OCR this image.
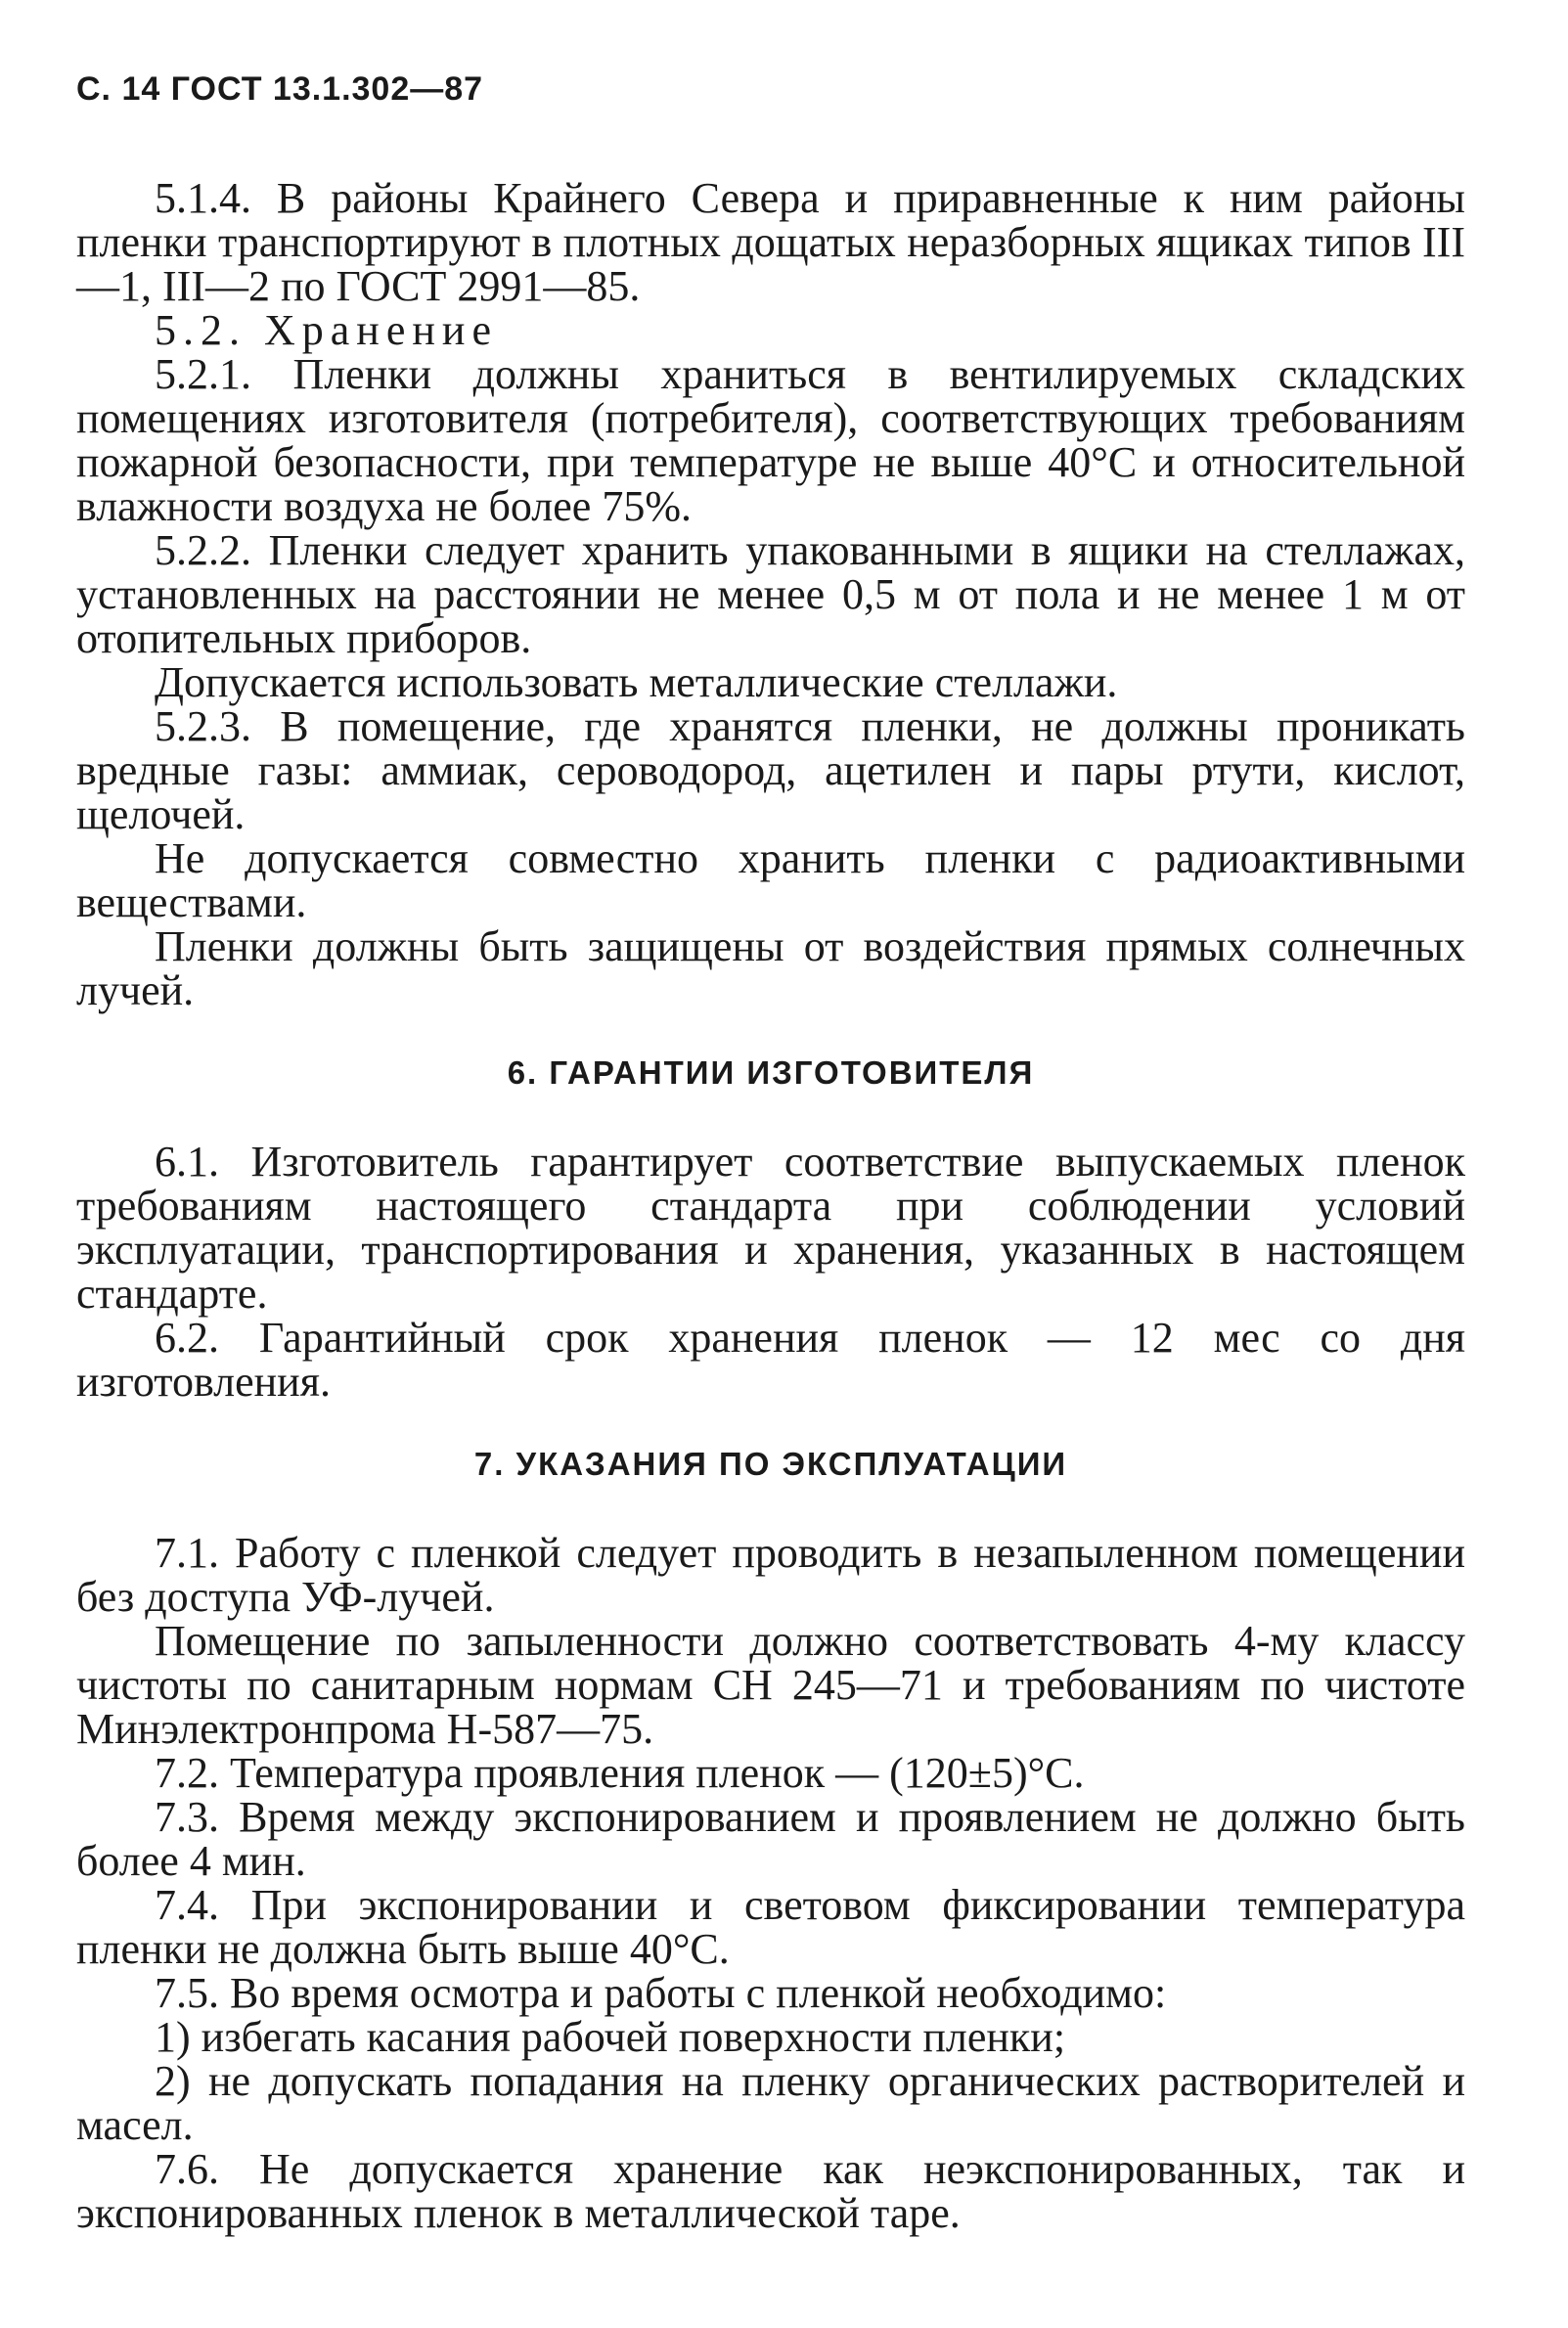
С. 14 ГОСТ 13.1.302—87

5.1.4. В районы Крайнего Севера и приравненные к ним районы пленки транспортируют в плотных дощатых неразборных ящиках типов III—1, III—2 по ГОСТ 2991—85.

5.2. Хранение

5.2.1. Пленки должны храниться в вентилируемых складских помещениях изготовителя (потребителя), соответствующих требованиям пожарной безопасности, при температуре не выше 40°С и относительной влажности воздуха не более 75%.

5.2.2. Пленки следует хранить упакованными в ящики на стеллажах, установленных на расстоянии не менее 0,5 м от пола и не менее 1 м от отопительных приборов.

Допускается использовать металлические стеллажи.

5.2.3. В помещение, где хранятся пленки, не должны проникать вредные газы: аммиак, сероводород, ацетилен и пары ртути, кислот, щелочей.

Не допускается совместно хранить пленки с радиоактивными веществами.

Пленки должны быть защищены от воздействия прямых солнечных лучей.

6. ГАРАНТИИ ИЗГОТОВИТЕЛЯ

6.1. Изготовитель гарантирует соответствие выпускаемых пленок требованиям настоящего стандарта при соблюдении условий эксплуатации, транспортирования и хранения, указанных в настоящем стандарте.

6.2. Гарантийный срок хранения пленок — 12 мес со дня изготовления.

7. УКАЗАНИЯ ПО ЭКСПЛУАТАЦИИ

7.1. Работу с пленкой следует проводить в незапыленном помещении без доступа УФ-лучей.

Помещение по запыленности должно соответствовать 4-му классу чистоты по санитарным нормам СН 245—71 и требованиям по чистоте Минэлектронпрома Н-587—75.

7.2. Температура проявления пленок — (120±5)°С.

7.3. Время между экспонированием и проявлением не должно быть более 4 мин.

7.4. При экспонировании и световом фиксировании температура пленки не должна быть выше 40°С.

7.5. Во время осмотра и работы с пленкой необходимо:

1) избегать касания рабочей поверхности пленки;

2) не допускать попадания на пленку органических растворителей и масел.

7.6. Не допускается хранение как неэкспонированных, так и экспонированных пленок в металлической таре.
